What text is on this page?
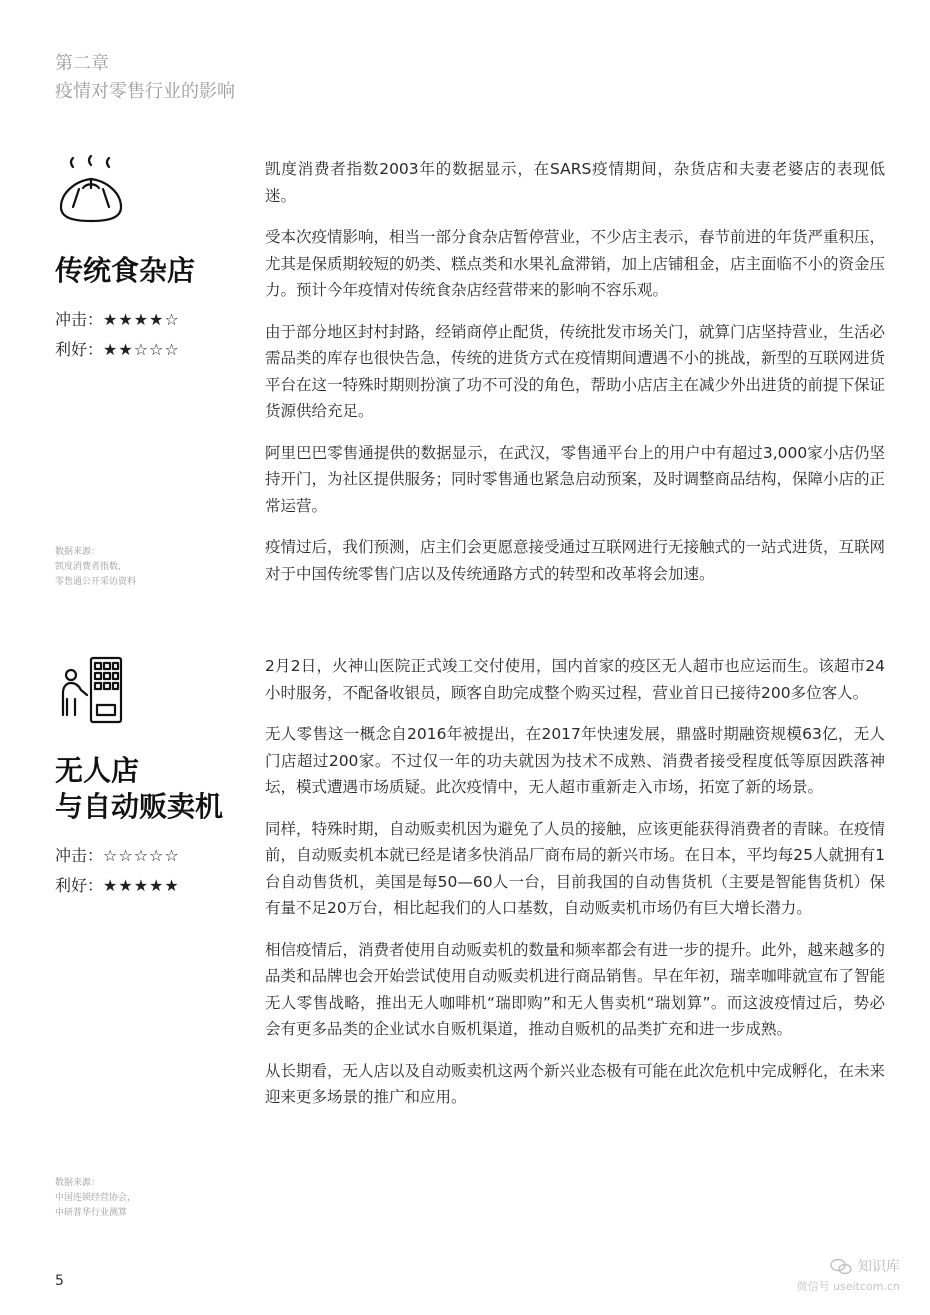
第二章
疫情对零售行业的影响
传统食杂店
冲击：★★★★☆
利好：★★☆☆☆
数据来源：
凯度消费者指数，
零售通公开采访资料

凯度消费者指数2003年的数据显示，在SARS疫情期间，杂货店和夫妻老婆店的表现低迷。

受本次疫情影响，相当一部分食杂店暂停营业，不少店主表示，春节前进的年货严重积压，尤其是保质期较短的奶类、糕点类和水果礼盒滞销，加上店铺租金，店主面临不小的资金压力。预计今年疫情对传统食杂店经营带来的影响不容乐观。

由于部分地区封村封路，经销商停止配货，传统批发市场关门，就算门店坚持营业，生活必需品类的库存也很快告急，传统的进货方式在疫情期间遭遇不小的挑战，新型的互联网进货平台在这一特殊时期则扮演了功不可没的角色，帮助小店店主在减少外出进货的前提下保证货源供给充足。

阿里巴巴零售通提供的数据显示，在武汉，零售通平台上的用户中有超过3,000家小店仍坚持开门，为社区提供服务；同时零售通也紧急启动预案，及时调整商品结构，保障小店的正常运营。

疫情过后，我们预测，店主们会更愿意接受通过互联网进行无接触式的一站式进货，互联网对于中国传统零售门店以及传统通路方式的转型和改革将会加速。

无人店
与自动贩卖机
冲击：☆☆☆☆☆
利好：★★★★★
数据来源：
中国连锁经营协会，
中研普华行业测算

2月2日，火神山医院正式竣工交付使用，国内首家的疫区无人超市也应运而生。该超市24小时服务，不配备收银员，顾客自助完成整个购买过程，营业首日已接待200多位客人。

无人零售这一概念自2016年被提出，在2017年快速发展，鼎盛时期融资规模63亿，无人门店超过200家。不过仅一年的功夫就因为技术不成熟、消费者接受程度低等原因跌落神坛，模式遭遇市场质疑。此次疫情中，无人超市重新走入市场，拓宽了新的场景。

同样，特殊时期，自动贩卖机因为避免了人员的接触，应该更能获得消费者的青睐。在疫情前，自动贩卖机本就已经是诸多快消品厂商布局的新兴市场。在日本，平均每25人就拥有1台自动售货机，美国是每50—60人一台，目前我国的自动售货机（主要是智能售货机）保有量不足20万台，相比起我们的人口基数，自动贩卖机市场仍有巨大增长潜力。

相信疫情后，消费者使用自动贩卖机的数量和频率都会有进一步的提升。此外，越来越多的品类和品牌也会开始尝试使用自动贩卖机进行商品销售。早在年初，瑞幸咖啡就宣布了智能无人零售战略，推出无人咖啡机“瑞即购”和无人售卖机“瑞划算”。而这波疫情过后，势必会有更多品类的企业试水自贩机渠道，推动自贩机的品类扩充和进一步成熟。

从长期看，无人店以及自动贩卖机这两个新兴业态极有可能在此次危机中完成孵化，在未来迎来更多场景的推广和应用。

5
知识库
微信号 useitcom.cn
